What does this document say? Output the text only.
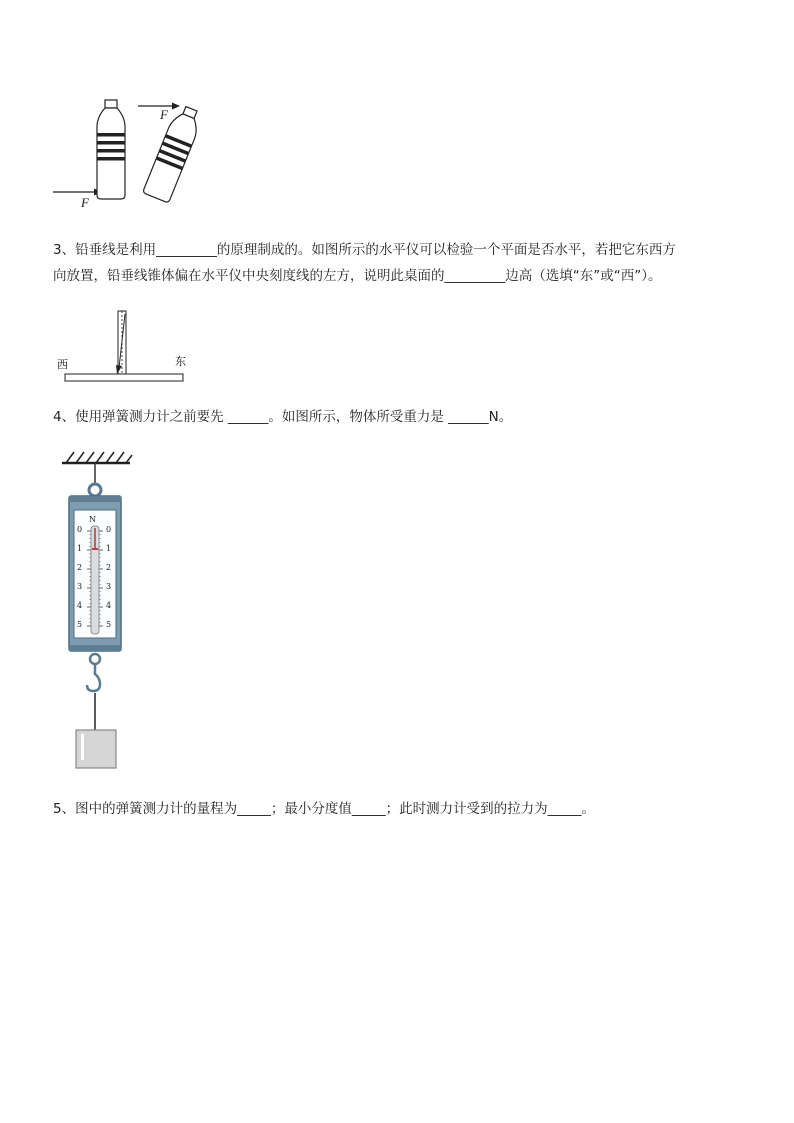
F
F
3、铅垂线是利用_________的原理制成的。如图所示的水平仪可以检验一个平面是否水平，若把它东西方
向放置，铅垂线锥体偏在水平仪中央刻度线的左方，说明此桌面的_________边高（选填“东”或“西”）。
西	东
4、使用弹簧测力计之前要先 ______。如图所示，物体所受重力是 ______N。
N
0
1
2
3
4
5
0
1
2
3
4
5
5、图中的弹簧测力计的量程为_____；最小分度值_____；此时测力计受到的拉力为_____。
